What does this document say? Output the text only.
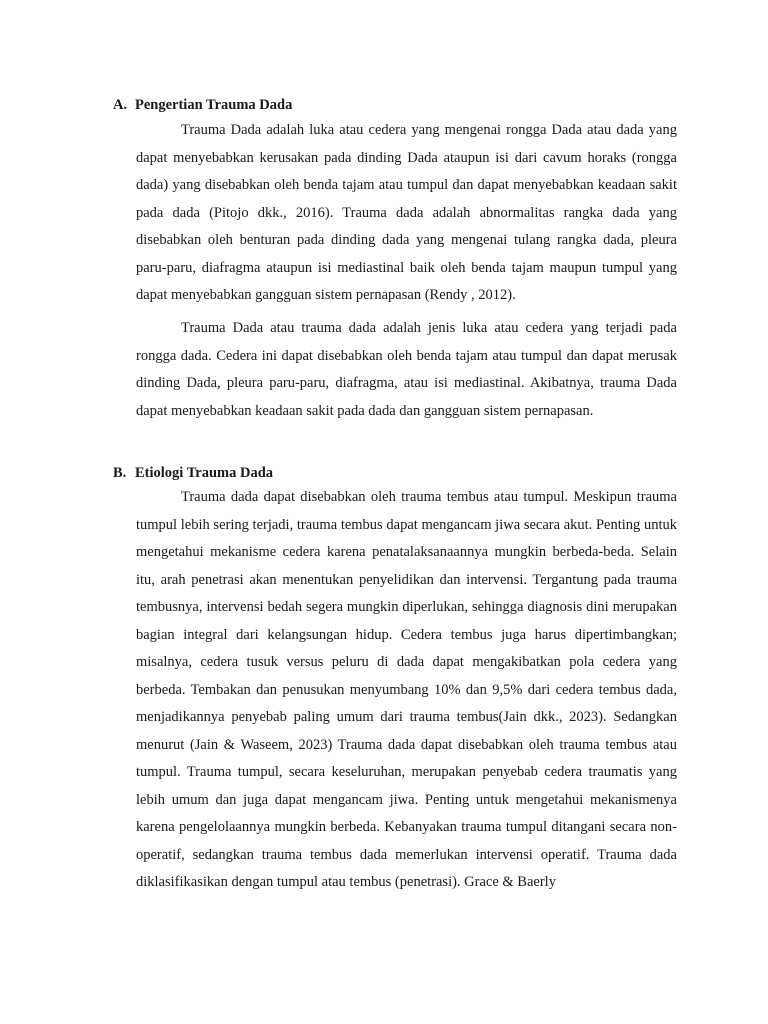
A. Pengertian Trauma Dada

Trauma Dada adalah luka atau cedera yang mengenai rongga Dada atau dada yang dapat menyebabkan kerusakan pada dinding Dada ataupun isi dari cavum horaks (rongga dada) yang disebabkan oleh benda tajam atau tumpul dan dapat menyebabkan keadaan sakit pada dada (Pitojo dkk., 2016). Trauma dada adalah abnormalitas rangka dada yang disebabkan oleh benturan pada dinding dada yang mengenai tulang rangka dada, pleura paru-paru, diafragma ataupun isi mediastinal baik oleh benda tajam maupun tumpul yang dapat menyebabkan gangguan sistem pernapasan (Rendy , 2012).

Trauma Dada atau trauma dada adalah jenis luka atau cedera yang terjadi pada rongga dada. Cedera ini dapat disebabkan oleh benda tajam atau tumpul dan dapat merusak dinding Dada, pleura paru-paru, diafragma, atau isi mediastinal. Akibatnya, trauma Dada dapat menyebabkan keadaan sakit pada dada dan gangguan sistem pernapasan.

B. Etiologi Trauma Dada

Trauma dada dapat disebabkan oleh trauma tembus atau tumpul. Meskipun trauma tumpul lebih sering terjadi, trauma tembus dapat mengancam jiwa secara akut. Penting untuk mengetahui mekanisme cedera karena penatalaksanaannya mungkin berbeda-beda. Selain itu, arah penetrasi akan menentukan penyelidikan dan intervensi. Tergantung pada trauma tembusnya, intervensi bedah segera mungkin diperlukan, sehingga diagnosis dini merupakan bagian integral dari kelangsungan hidup. Cedera tembus juga harus dipertimbangkan; misalnya, cedera tusuk versus peluru di dada dapat mengakibatkan pola cedera yang berbeda. Tembakan dan penusukan menyumbang 10% dan 9,5% dari cedera tembus dada, menjadikannya penyebab paling umum dari trauma tembus(Jain dkk., 2023). Sedangkan menurut (Jain & Waseem, 2023) Trauma dada dapat disebabkan oleh trauma tembus atau tumpul. Trauma tumpul, secara keseluruhan, merupakan penyebab cedera traumatis yang lebih umum dan juga dapat mengancam jiwa. Penting untuk mengetahui mekanismenya karena pengelolaannya mungkin berbeda. Kebanyakan trauma tumpul ditangani secara non-operatif, sedangkan trauma tembus dada memerlukan intervensi operatif. Trauma dada diklasifikasikan dengan tumpul atau tembus (penetrasi). Grace & Baerly
